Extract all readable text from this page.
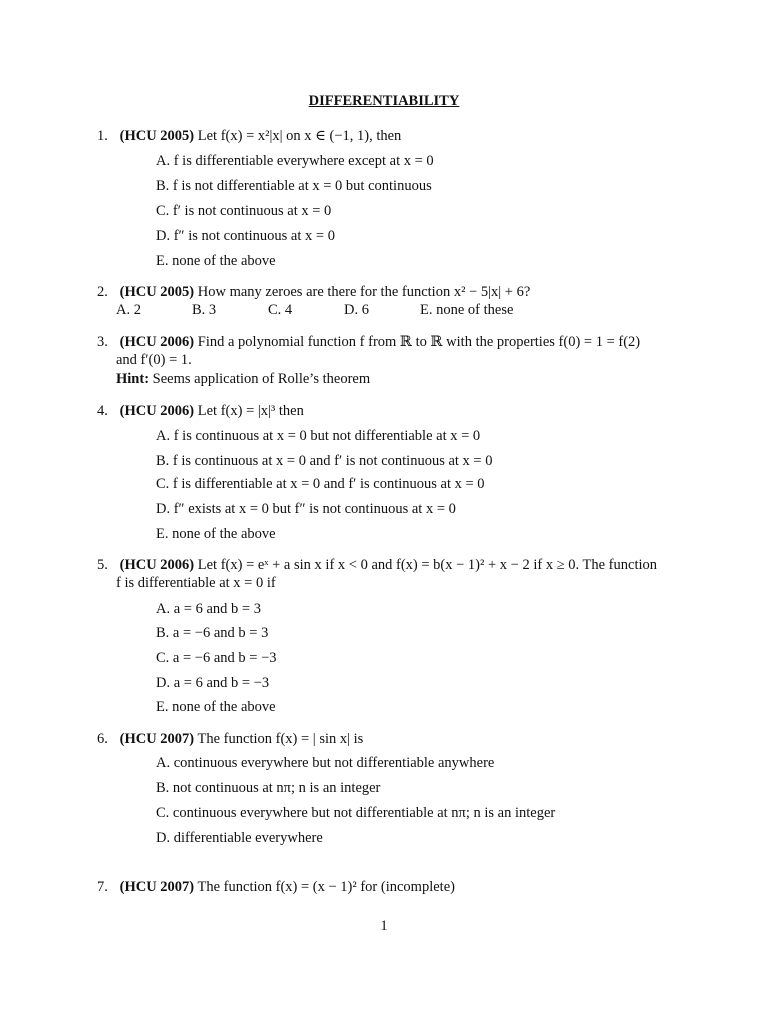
DIFFERENTIABILITY
1. (HCU 2005) Let f(x) = x²|x| on x ∈ (−1, 1), then
A. f is differentiable everywhere except at x = 0
B. f is not differentiable at x = 0 but continuous
C. f′ is not continuous at x = 0
D. f″ is not continuous at x = 0
E. none of the above
2. (HCU 2005) How many zeroes are there for the function x² − 5|x| + 6?
A. 2	B. 3	C. 4	D. 6	E. none of these
3. (HCU 2006) Find a polynomial function f from ℝ to ℝ with the properties f(0) = 1 = f(2)
and f′(0) = 1.
Hint: Seems application of Rolle’s theorem
4. (HCU 2006) Let f(x) = |x|³ then
A. f is continuous at x = 0 but not differentiable at x = 0
B. f is continuous at x = 0 and f′ is not continuous at x = 0
C. f is differentiable at x = 0 and f′ is continuous at x = 0
D. f″ exists at x = 0 but f″ is not continuous at x = 0
E. none of the above
5. (HCU 2006) Let f(x) = eˣ + a sin x if x < 0 and f(x) = b(x − 1)² + x − 2 if x ≥ 0. The function
f is differentiable at x = 0 if
A. a = 6 and b = 3
B. a = −6 and b = 3
C. a = −6 and b = −3
D. a = 6 and b = −3
E. none of the above
6. (HCU 2007) The function f(x) = | sin x| is
A. continuous everywhere but not differentiable anywhere
B. not continuous at nπ; n is an integer
C. continuous everywhere but not differentiable at nπ; n is an integer
D. differentiable everywhere
7. (HCU 2007) The function f(x) = (x − 1)² for (incomplete)
1
